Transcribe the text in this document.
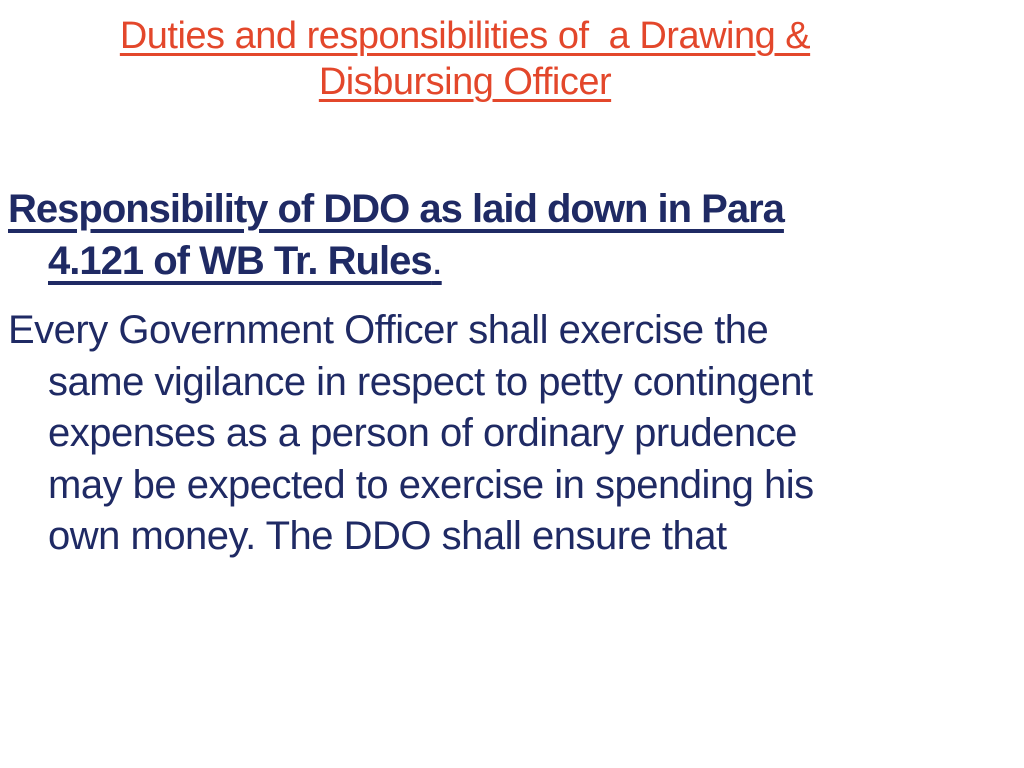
Duties and responsibilities of  a Drawing &
Disbursing Officer
Responsibility of DDO as laid down in Para
4.121 of WB Tr. Rules.
Every Government Officer shall exercise the
same vigilance in respect to petty contingent
expenses as a person of ordinary prudence
may be expected to exercise in spending his
own money. The DDO shall ensure that
